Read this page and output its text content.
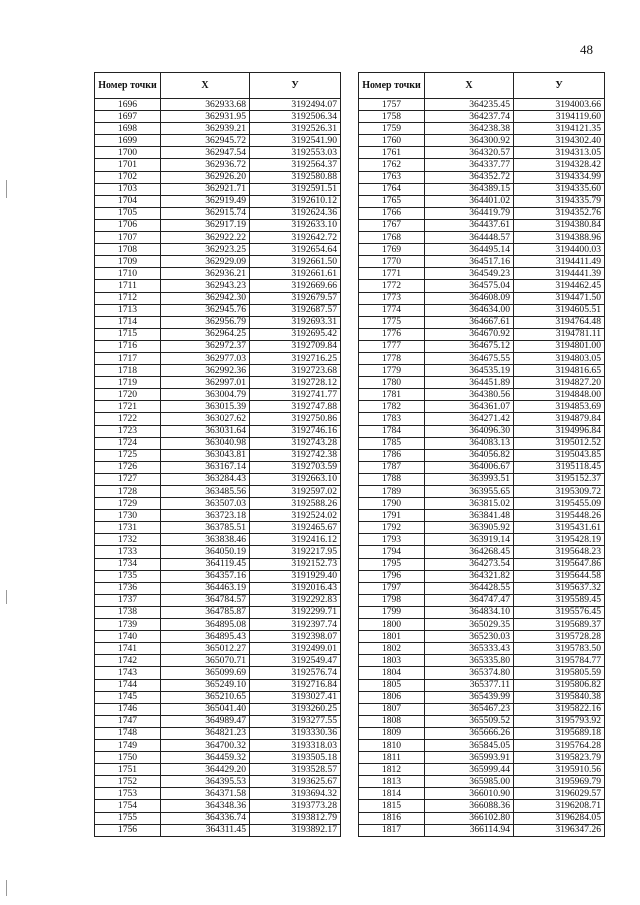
48
Номер точки	X	У
1696	362933.68	3192494.07
1697	362931.95	3192506.34
1698	362939.21	3192526.31
1699	362945.72	3192541.90
1700	362947.54	3192553.03
1701	362936.72	3192564.37
1702	362926.20	3192580.88
1703	362921.71	3192591.51
1704	362919.49	3192610.12
1705	362915.74	3192624.36
1706	362917.19	3192633.10
1707	362922.22	3192642.72
1708	362923.25	3192654.64
1709	362929.09	3192661.50
1710	362936.21	3192661.61
1711	362943.23	3192669.66
1712	362942.30	3192679.57
1713	362945.76	3192687.57
1714	362956.79	3192693.31
1715	362964.25	3192695.42
1716	362972.37	3192709.84
1717	362977.03	3192716.25
1718	362992.36	3192723.68
1719	362997.01	3192728.12
1720	363004.79	3192741.77
1721	363015.39	3192747.88
1722	363027.62	3192750.86
1723	363031.64	3192746.16
1724	363040.98	3192743.28
1725	363043.81	3192742.38
1726	363167.14	3192703.59
1727	363284.43	3192663.10
1728	363485.56	3192597.02
1729	363507.03	3192588.26
1730	363723.18	3192524.02
1731	363785.51	3192465.67
1732	363838.46	3192416.12
1733	364050.19	3192217.95
1734	364119.45	3192152.73
1735	364357.16	3191929.40
1736	364463.19	3192016.43
1737	364784.57	3192292.83
1738	364785.87	3192299.71
1739	364895.08	3192397.74
1740	364895.43	3192398.07
1741	365012.27	3192499.01
1742	365070.71	3192549.47
1743	365099.69	3192576.74
1744	365249.10	3192716.84
1745	365210.65	3193027.41
1746	365041.40	3193260.25
1747	364989.47	3193277.55
1748	364821.23	3193330.36
1749	364700.32	3193318.03
1750	364459.32	3193505.18
1751	364429.20	3193528.57
1752	364395.53	3193625.67
1753	364371.58	3193694.32
1754	364348.36	3193773.28
1755	364336.74	3193812.79
1756	364311.45	3193892.17
Номер точки	X	У
1757	364235.45	3194003.66
1758	364237.74	3194119.60
1759	364238.38	3194121.35
1760	364300.92	3194302.40
1761	364320.57	3194313.05
1762	364337.77	3194328.42
1763	364352.72	3194334.99
1764	364389.15	3194335.60
1765	364401.02	3194335.79
1766	364419.79	3194352.76
1767	364437.61	3194380.84
1768	364448.57	3194388.96
1769	364495.14	3194400.03
1770	364517.16	3194411.49
1771	364549.23	3194441.39
1772	364575.04	3194462.45
1773	364608.09	3194471.50
1774	364634.00	3194605.51
1775	364667.61	3194764.48
1776	364670.92	3194781.11
1777	364675.12	3194801.00
1778	364675.55	3194803.05
1779	364535.19	3194816.65
1780	364451.89	3194827.20
1781	364380.56	3194848.00
1782	364361.07	3194853.69
1783	364271.42	3194879.84
1784	364096.30	3194996.84
1785	364083.13	3195012.52
1786	364056.82	3195043.85
1787	364006.67	3195118.45
1788	363993.51	3195152.37
1789	363955.65	3195309.72
1790	363815.02	3195455.09
1791	363841.48	3195448.26
1792	363905.92	3195431.61
1793	363919.14	3195428.19
1794	364268.45	3195648.23
1795	364273.54	3195647.86
1796	364321.82	3195644.58
1797	364428.55	3195637.32
1798	364747.47	3195589.45
1799	364834.10	3195576.45
1800	365029.35	3195689.37
1801	365230.03	3195728.28
1802	365333.43	3195783.50
1803	365335.80	3195784.77
1804	365374.80	3195805.59
1805	365377.11	3195806.82
1806	365439.99	3195840.38
1807	365467.23	3195822.16
1808	365509.52	3195793.92
1809	365666.26	3195689.18
1810	365845.05	3195764.28
1811	365993.91	3195823.79
1812	365999.44	3195910.56
1813	365985.00	3195969.79
1814	366010.90	3196029.57
1815	366088.36	3196208.71
1816	366102.80	3196284.05
1817	366114.94	3196347.26
